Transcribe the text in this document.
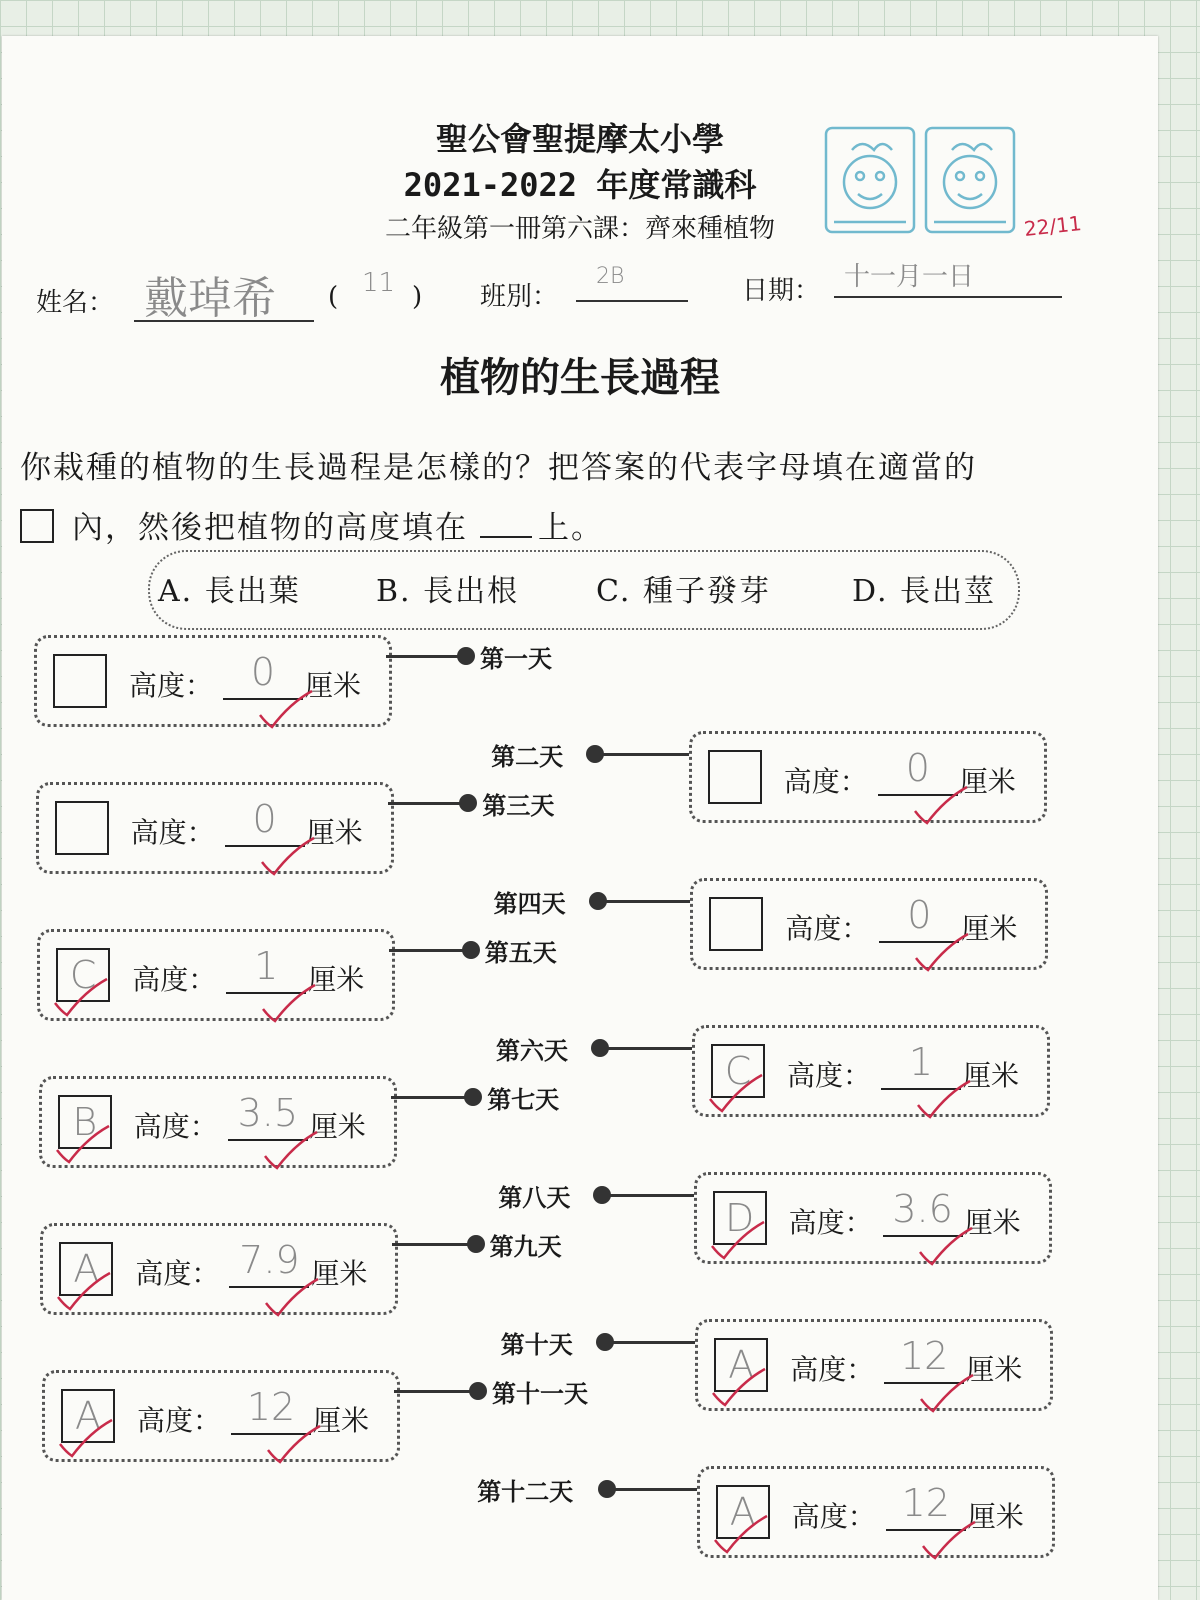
聖公會聖提摩太小學
2021-2022 年度常識科
二年級第一冊第六課：齊來種植物	22/11
姓名： 戴琸希 ( 11 ) 班別：
2B	日期： 十一月一日
植物的生長過程
你栽種的植物的生長過程是怎樣的？把答案的代表字母填在適當的
內，然後把植物的高度填在 上。
A. 長出葉	B. 長出根	C. 種子發芽	D. 長出莖
高度： 0	厘米
第一天
高度： 0	厘米
第二天
高度： 0	厘米
第三天
高度： 0	厘米
第四天
C	高度： 1	厘米
第五天
C	高度： 1	厘米
第六天
B	高度： 3.5 厘米
第七天
D	高度： 3.6 厘米
第八天
A	高度： 7.9 厘米
第九天
A	高度： 12 厘米
第十天
A	高度： 12 厘米
第十一天
A	高度： 12 厘米
第十二天
